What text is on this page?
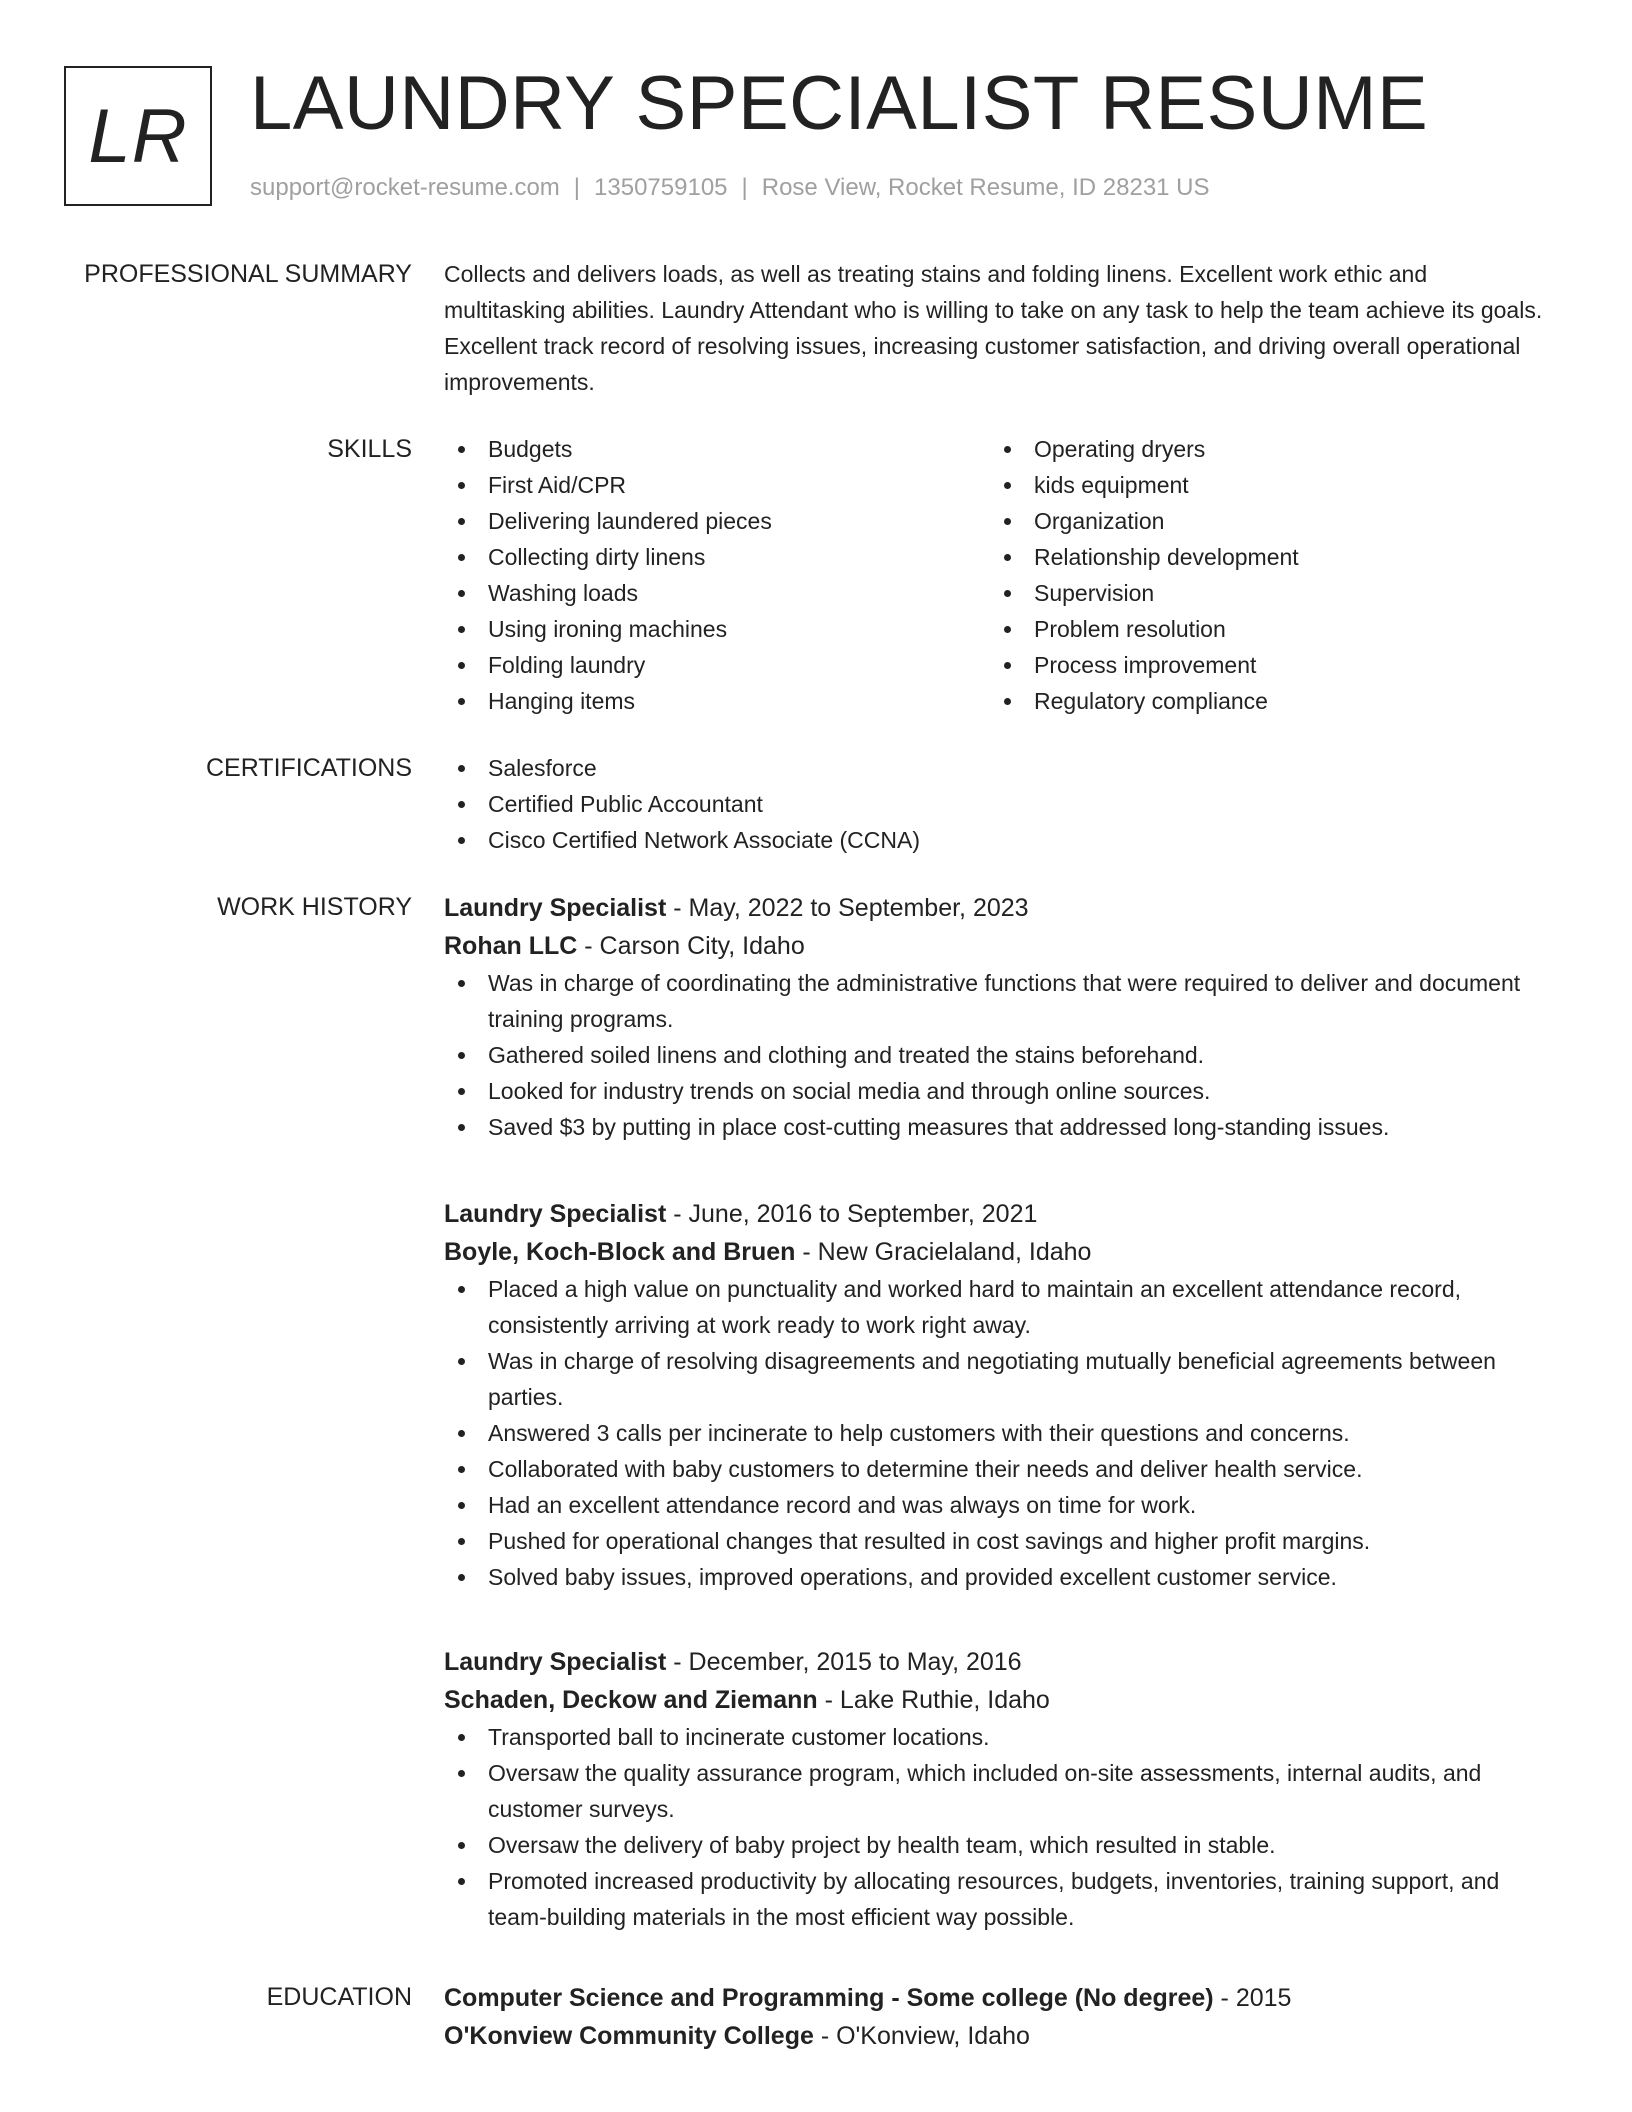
LR LAUNDRY SPECIALIST RESUME
support@rocket-resume.com | 1350759105 | Rose View, Rocket Resume, ID 28231 US
PROFESSIONAL SUMMARY Collects and delivers loads, as well as treating stains and folding linens. Excellent work ethic and multitasking abilities. Laundry Attendant who is willing to take on any task to help the team achieve its goals. Excellent track record of resolving issues, increasing customer satisfaction, and driving overall operational improvements.

SKILLS	Budgets
First Aid/CPR
Delivering laundered pieces
Collecting dirty linens
Washing loads
Using ironing machines
Folding laundry
Hanging items
Operating dryers
kids equipment
Organization
Relationship development
Supervision
Problem resolution
Process improvement
Regulatory compliance
CERTIFICATIONS	Salesforce
Certified Public Accountant
Cisco Certified Network Associate (CCNA)
WORK HISTORY Laundry Specialist - May, 2022 to September, 2023
Rohan LLC - Carson City, Idaho
Was in charge of coordinating the administrative functions that were required to deliver and document training programs.
Gathered soiled linens and clothing and treated the stains beforehand.
Looked for industry trends on social media and through online sources.
Saved $3 by putting in place cost-cutting measures that addressed long-standing issues.
Laundry Specialist - June, 2016 to September, 2021
Boyle, Koch-Block and Bruen - New Gracielaland, Idaho
Placed a high value on punctuality and worked hard to maintain an excellent attendance record, consistently arriving at work ready to work right away.
Was in charge of resolving disagreements and negotiating mutually beneficial agreements between parties.
Answered 3 calls per incinerate to help customers with their questions and concerns.
Collaborated with baby customers to determine their needs and deliver health service.
Had an excellent attendance record and was always on time for work.
Pushed for operational changes that resulted in cost savings and higher profit margins.
Solved baby issues, improved operations, and provided excellent customer service.
Laundry Specialist - December, 2015 to May, 2016
Schaden, Deckow and Ziemann - Lake Ruthie, Idaho
Transported ball to incinerate customer locations.
Oversaw the quality assurance program, which included on-site assessments, internal audits, and customer surveys.
Oversaw the delivery of baby project by health team, which resulted in stable.
Promoted increased productivity by allocating resources, budgets, inventories, training support, and team-building materials in the most efficient way possible.
EDUCATION Computer Science and Programming - Some college (No degree) - 2015
O'Konview Community College - O'Konview, Idaho
